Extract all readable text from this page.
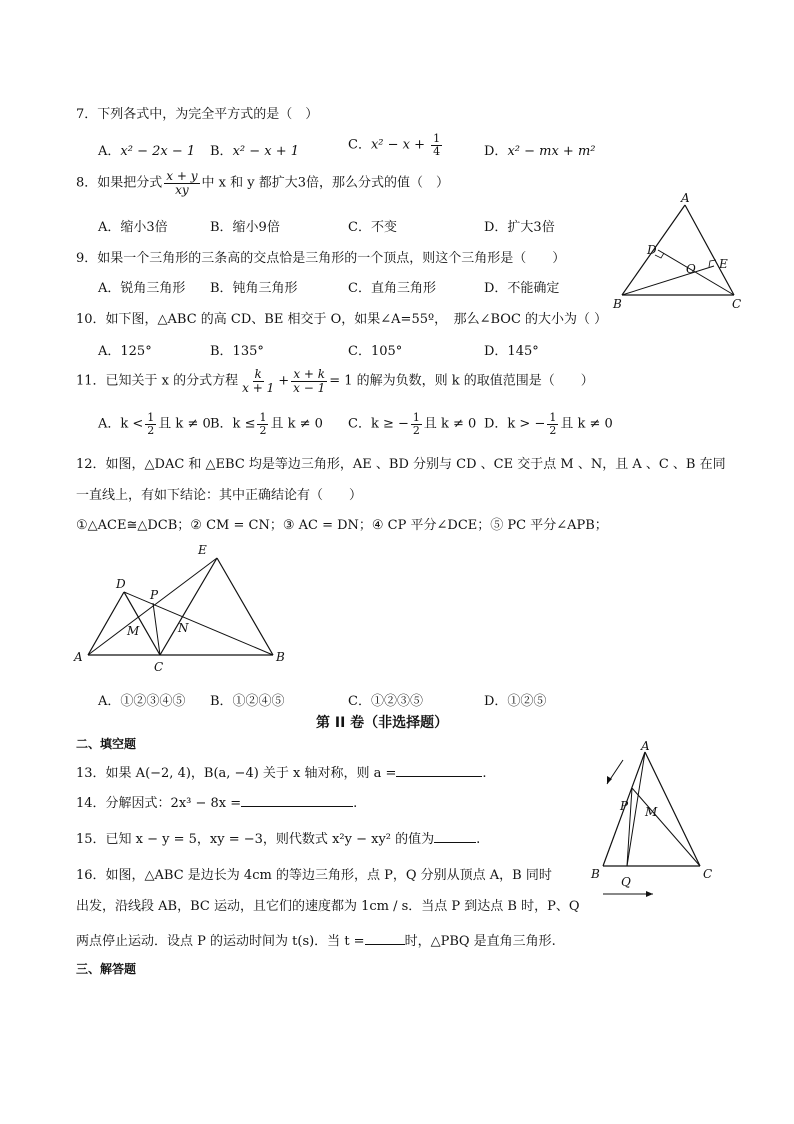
7．下列各式中，为完全平方式的是（　）
A．x² − 2x − 1 B．x² − x + 1	C．$x^2 - x + \frac{1}{4}$	D．x² − mx + m²
8．如果把分式 $\frac{x + y}{xy}$ 中 x 和 y 都扩大3倍，那么分式的值（　）
A．缩小3倍	B．缩小9倍	C．不变	D．扩大3倍
9．如果一个三角形的三条高的交点恰是三角形的一个顶点，则这个三角形是（　　）
A．锐角三角形 B．钝角三角形	C．直角三角形	D．不能确定
10．如下图，△ABC 的高 CD、BE 相交于 O，如果∠A=55º，　那么∠BOC 的大小为（ ）
A．125°	B．135°	C．105°	D．145°
A
D
E
O
B	C
11．已知关于 x 的分式方程 $\frac{k}{x + 1} + \frac{x + k}{x - 1} = 1$ 的解为负数，则 k 的取值范围是（　　）
A．$k < \frac{1}{2}$ 且 k ≠ 0 B．$k \le \frac{1}{2}$ 且 k ≠ 0 C．k ≥ − $\frac{1}{2}$ 且 k ≠ 0 D．k > − $\frac{1}{2}$ 且 k ≠ 0
12．如图，△DAC 和 △EBC 均是等边三角形，AE 、BD 分别与 CD 、CE 交于点 M 、N，且 A 、C 、B 在同
一直线上，有如下结论：其中正确结论有（　　）
①△ACE≅△DCB；② CM = CN；③ AC = DN；④ CP 平分∠DCE；⑤ PC 平分∠APB；
E
D
P
M	N
A
C
B
A．①②③④⑤ B．①②④⑤	C．①②③⑤	D．①②⑤
第 II 卷（非选择题）
二、填空题
13．如果 A(−2, 4)，B(a, −4) 关于 x 轴对称，则 a =	.
14．分解因式：2x³ − 8x =	.
15．已知 x − y = 5，xy = −3，则代数式 x²y − xy² 的值为	.
16．如图，△ABC 是边长为 4cm 的等边三角形，点 P，Q 分别从顶点 A，B 同时
出发，沿线段 AB，BC 运动，且它们的速度都为 1cm / s．当点 P 到达点 B 时，P、Q
两点停止运动．设点 P 的运动时间为 t(s)．当 t =	时，△PBQ 是直角三角形.
A
P M
B
Q
C
三、解答题
